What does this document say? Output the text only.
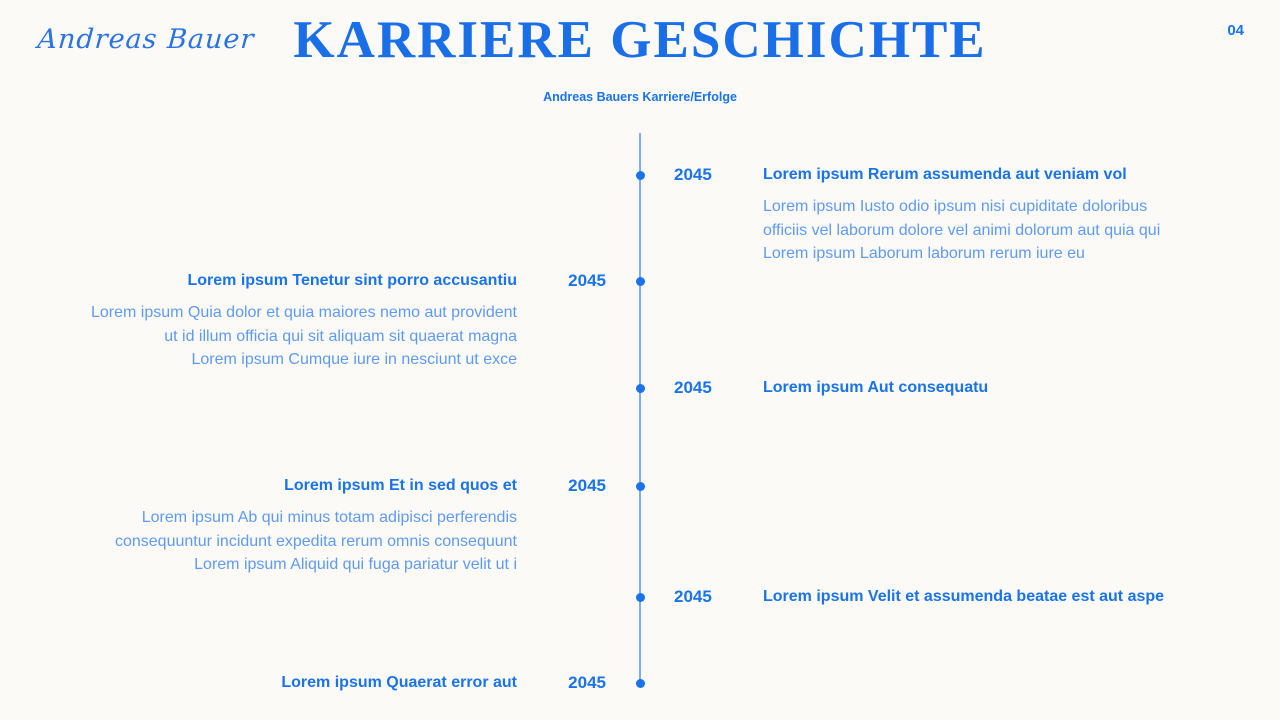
Andreas Bauer KARRIERE GESCHICHTE
Andreas Bauers Karriere/Erfolge
04
2045	Lorem ipsum Rerum assumenda aut veniam vol
Lorem ipsum Iusto odio ipsum nisi cupiditate doloribus
officiis vel laborum dolore vel animi dolorum aut quia qui
Lorem ipsum Laborum laborum rerum iure eu
2045
Lorem ipsum Tenetur sint porro accusantiu
Lorem ipsum Quia dolor et quia maiores nemo aut provident
ut id illum officia qui sit aliquam sit quaerat magna
Lorem ipsum Cumque iure in nesciunt ut exce
2045	Lorem ipsum Aut consequatu
2045
Lorem ipsum Et in sed quos et
Lorem ipsum Ab qui minus totam adipisci perferendis
consequuntur incidunt expedita rerum omnis consequunt
Lorem ipsum Aliquid qui fuga pariatur velit ut i
2045	Lorem ipsum Velit et assumenda beatae est aut aspe
2045
Lorem ipsum Quaerat error aut
